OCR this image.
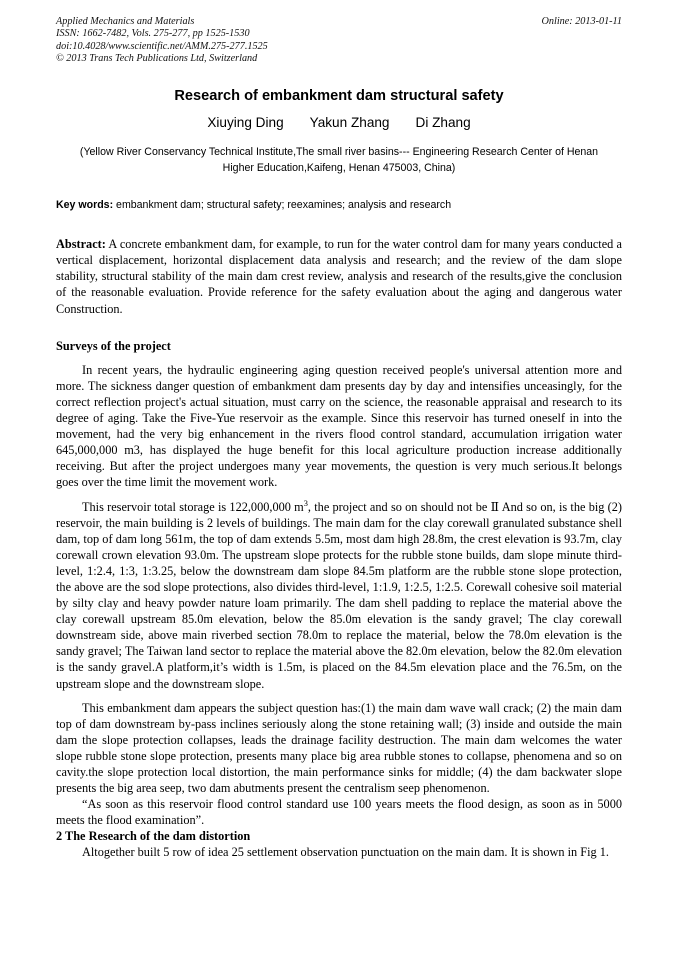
Applied Mechanics and Materials
ISSN: 1662-7482, Vols. 275-277, pp 1525-1530
doi:10.4028/www.scientific.net/AMM.275-277.1525
© 2013 Trans Tech Publications Ltd, Switzerland
Online: 2013-01-11
Research of embankment dam structural safety
Xiuying Ding Yakun Zhang Di Zhang
(Yellow River Conservancy Technical Institute,The small river basins--- Engineering Research Center of Henan Higher Education,Kaifeng, Henan 475003, China)
Key words: embankment dam; structural safety; reexamines; analysis and research
Abstract: A concrete embankment dam, for example, to run for the water control dam for many years conducted a vertical displacement, horizontal displacement data analysis and research; and the review of the dam slope stability, structural stability of the main dam crest review, analysis and research of the results,give the conclusion of the reasonable evaluation. Provide reference for the safety evaluation about the aging and dangerous water Construction.
Surveys of the project
In recent years, the hydraulic engineering aging question received people's universal attention more and more. The sickness danger question of embankment dam presents day by day and intensifies unceasingly, for the correct reflection project's actual situation, must carry on the science, the reasonable appraisal and research to its degree of aging. Take the Five-Yue reservoir as the example. Since this reservoir has turned oneself in into the movement, had the very big enhancement in the rivers flood control standard, accumulation irrigation water 645,000,000 m3, has displayed the huge benefit for this local agriculture production increase additionally receiving. But after the project undergoes many year movements, the question is very much serious.It belongs goes over the time limit the movement work.
This reservoir total storage is 122,000,000 $m^3$, the project and so on should not be Ⅱ And so on, is the big (2) reservoir, the main building is 2 levels of buildings. The main dam for the clay corewall granulated substance shell dam, top of dam long 561m, the top of dam extends 5.5m, most dam high 28.8m, the crest elevation is 93.7m, clay corewall crown elevation 93.0m. The upstream slope protects for the rubble stone builds, dam slope minute third-level, 1:2.4, 1:3, 1:3.25, below the downstream dam slope 84.5m platform are the rubble stone slope protection, the above are the sod slope protections, also divides third-level, 1:1.9, 1:2.5, 1:2.5. Corewall cohesive soil material by silty clay and heavy powder nature loam primarily. The dam shell padding to replace the material above the clay corewall upstream 85.0m elevation, below the 85.0m elevation is the sandy gravel; The clay corewall downstream side, above main riverbed section 78.0m to replace the material, below the 78.0m elevation is the sandy gravel; The Taiwan land sector to replace the material above the 82.0m elevation, below the 82.0m elevation is the sandy gravel.A platform,it’s width is 1.5m, is placed on the 84.5m elevation place and the 76.5m, on the upstream slope and the downstream slope.
This embankment dam appears the subject question has:(1) the main dam wave wall crack; (2) the main dam top of dam downstream by-pass inclines seriously along the stone retaining wall; (3) inside and outside the main dam the slope protection collapses, leads the drainage facility destruction. The main dam welcomes the water slope rubble stone slope protection, presents many place big area rubble stones to collapse, phenomena and so on cavity.the slope protection local distortion, the main performance sinks for middle; (4) the dam backwater slope presents the big area seep, two dam abutments present the centralism seep phenomenon.
“As soon as this reservoir flood control standard use 100 years meets the flood design, as soon as in 5000 meets the flood examination”.
2 The Research of the dam distortion
Altogether built 5 row of idea 25 settlement observation punctuation on the main dam. It is shown in Fig 1.
